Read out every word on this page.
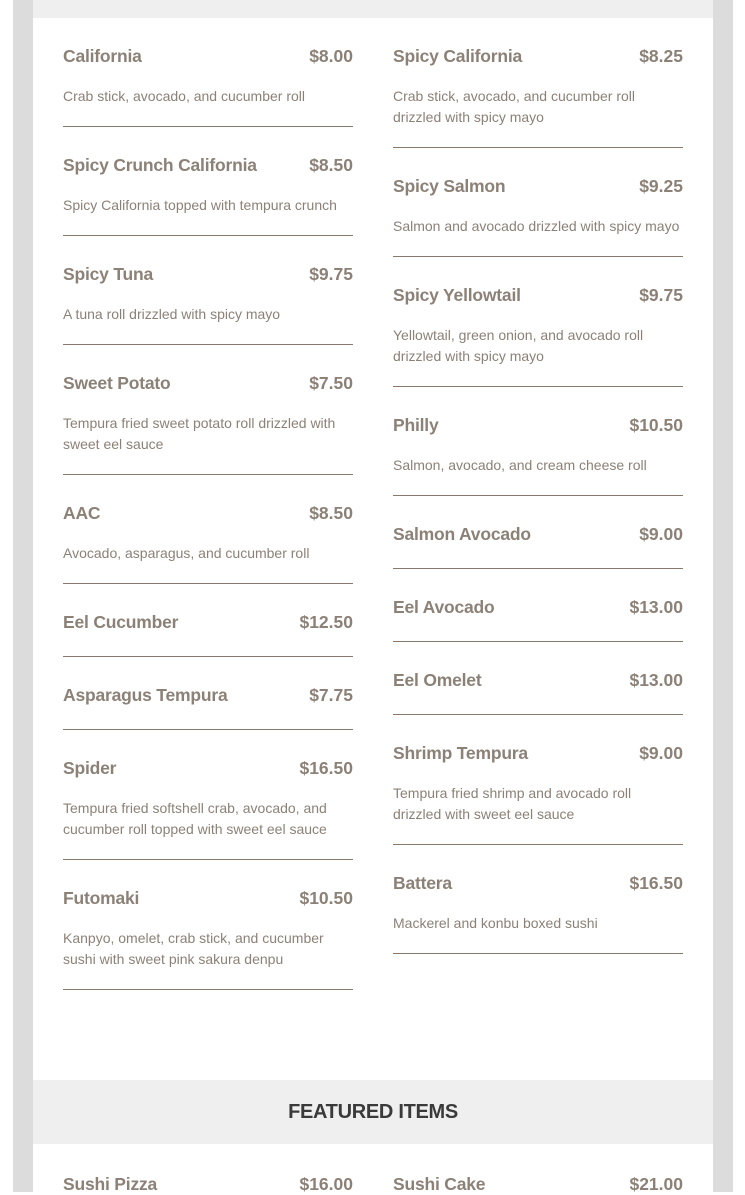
California	$8.00
Crab stick, avocado, and cucumber roll
Spicy Crunch California	$8.50
Spicy California topped with tempura crunch
Spicy Tuna	$9.75
A tuna roll drizzled with spicy mayo
Sweet Potato	$7.50
Tempura fried sweet potato roll drizzled with sweet eel sauce
AAC	$8.50
Avocado, asparagus, and cucumber roll
Eel Cucumber	$12.50
Asparagus Tempura	$7.75
Spider	$16.50
Tempura fried softshell crab, avocado, and cucumber roll topped with sweet eel sauce
Futomaki	$10.50
Kanpyo, omelet, crab stick, and cucumber sushi with sweet pink sakura denpu
Spicy California	$8.25
Crab stick, avocado, and cucumber roll drizzled with spicy mayo
Spicy Salmon	$9.25
Salmon and avocado drizzled with spicy mayo
Spicy Yellowtail	$9.75
Yellowtail, green onion, and avocado roll drizzled with spicy mayo
Philly	$10.50
Salmon, avocado, and cream cheese roll
Salmon Avocado	$9.00
Eel Avocado	$13.00
Eel Omelet	$13.00
Shrimp Tempura	$9.00
Tempura fried shrimp and avocado roll drizzled with sweet eel sauce
Battera	$16.50
Mackerel and konbu boxed sushi
FEATURED ITEMS
Sushi Pizza	$16.00 Sushi Cake	$21.00
